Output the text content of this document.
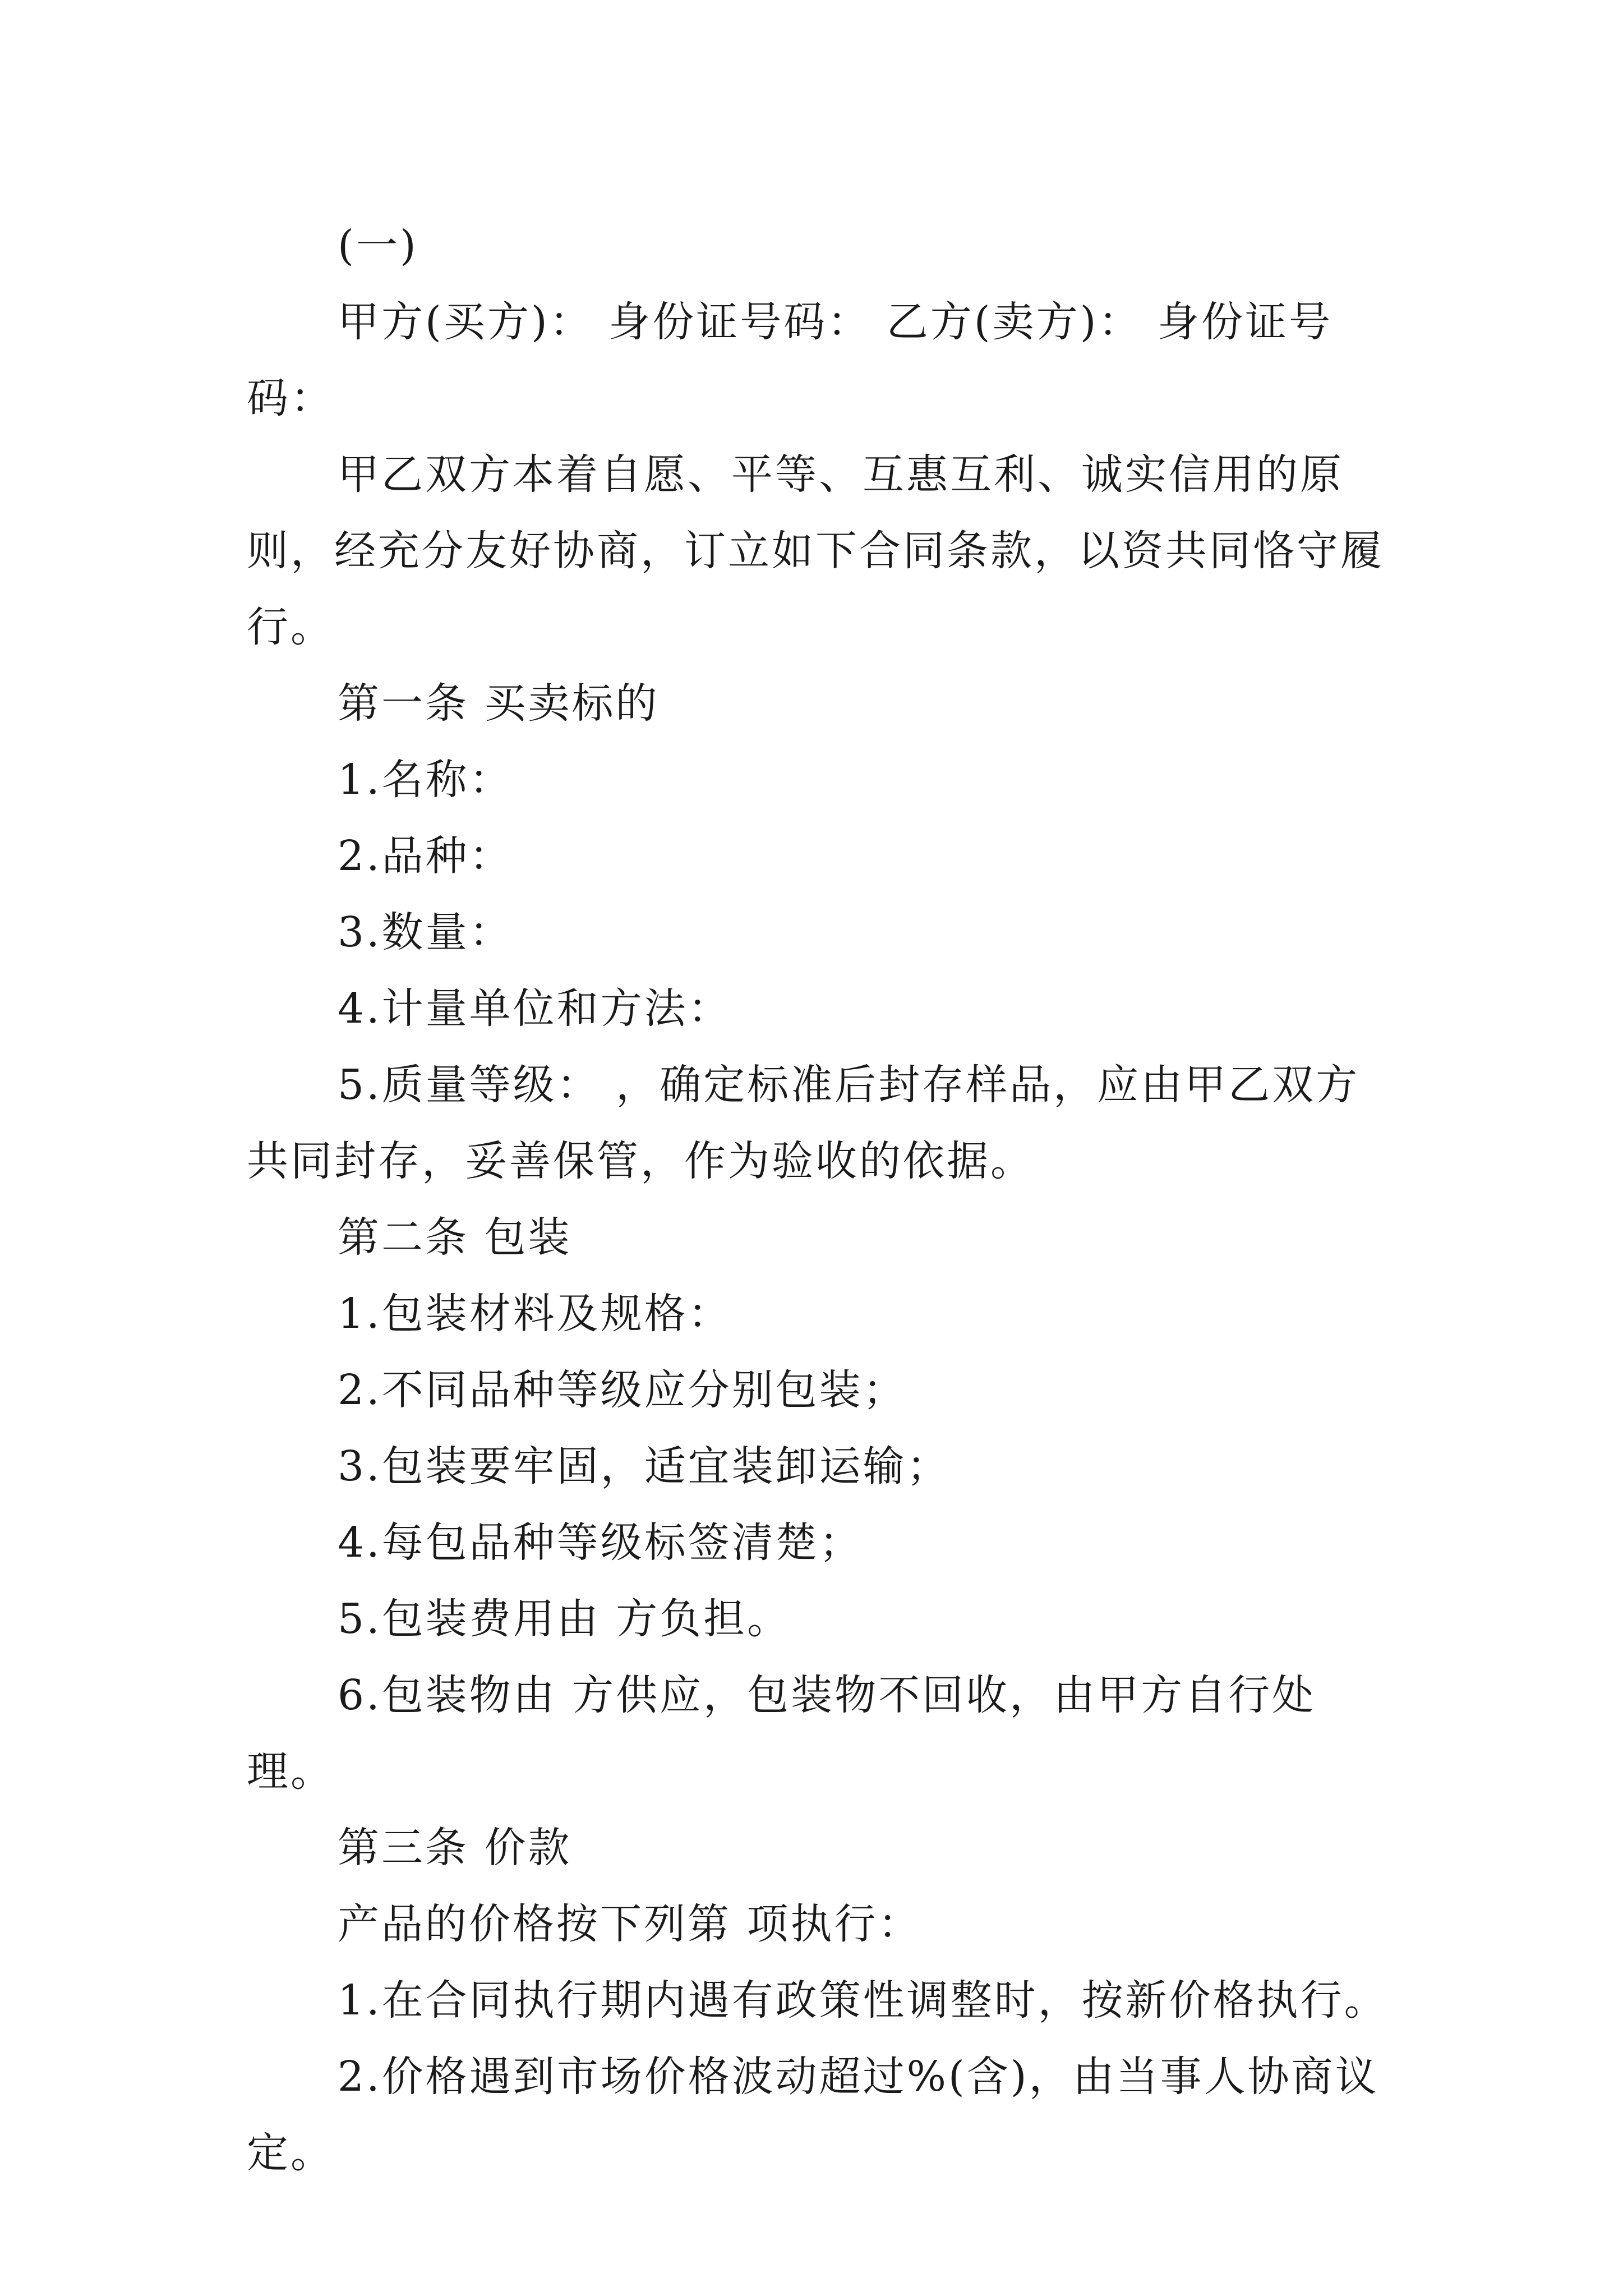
(一)

甲方(买方)： 身份证号码： 乙方(卖方)： 身份证号码：

甲乙双方本着自愿、平等、互惠互利、诚实信用的原则，经充分友好协商，订立如下合同条款，以资共同恪守履行。

第一条 买卖标的

1.名称：

2.品种：

3.数量：

4.计量单位和方法：

5.质量等级： ，确定标准后封存样品，应由甲乙双方共同封存，妥善保管，作为验收的依据。

第二条 包装

1.包装材料及规格：

2.不同品种等级应分别包装；

3.包装要牢固，适宜装卸运输；

4.每包品种等级标签清楚；

5.包装费用由 方负担。

6.包装物由 方供应，包装物不回收，由甲方自行处理。

第三条 价款

产品的价格按下列第 项执行：

1.在合同执行期内遇有政策性调整时，按新价格执行。

2.价格遇到市场价格波动超过%(含)，由当事人协商议定。
